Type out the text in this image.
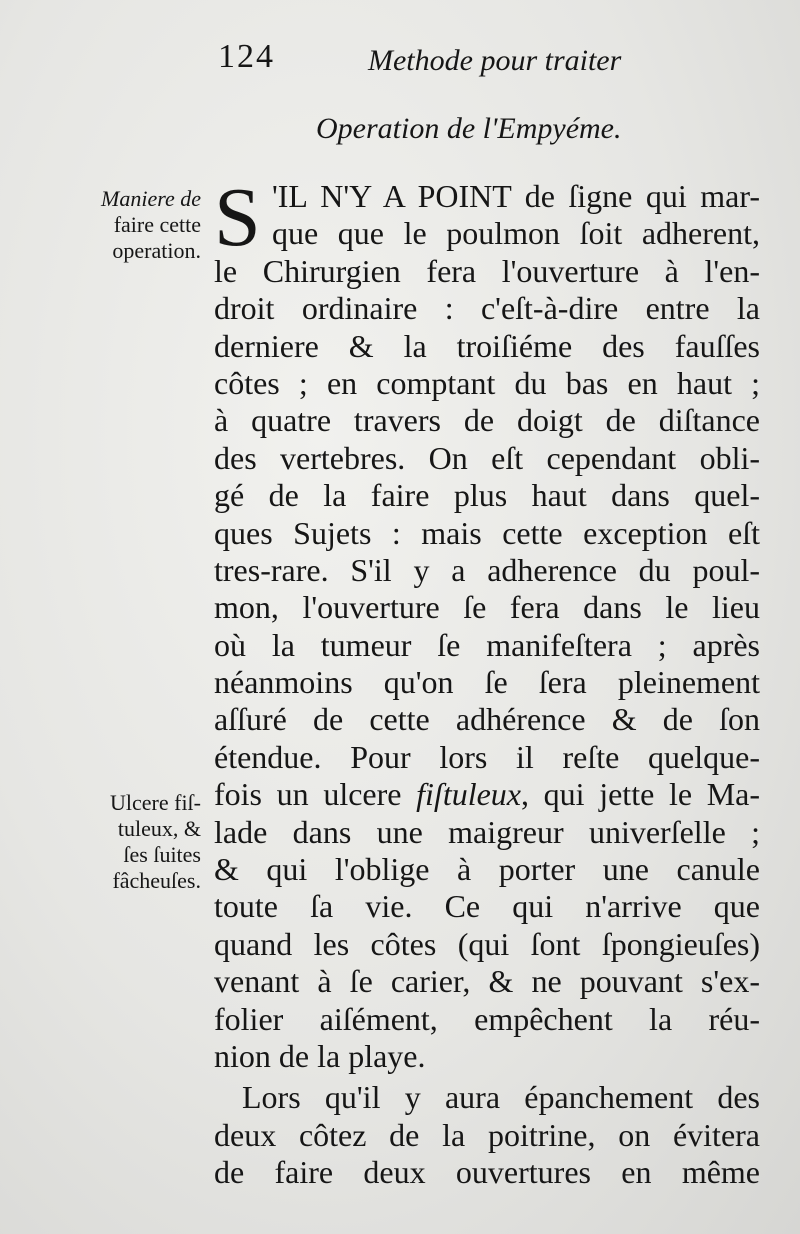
124	Methode pour traiter
Operation de l'Empyéme.
Maniere de
faire cette
operation.
Ulcere fiſ-
tuleux, &
ſes ſuites
fâcheuſes.
S 'IL N'Y A POINT de ſigne qui mar-
que que le poulmon ſoit adherent,
le Chirurgien fera l'ouverture à l'en-
droit ordinaire : c'eſt-à-dire entre la
derniere & la troiſiéme des fauſſes
côtes ; en comptant du bas en haut ;
à quatre travers de doigt de diſtance
des vertebres. On eſt cependant obli-
gé de la faire plus haut dans quel-
ques Sujets : mais cette exception eſt
tres-rare. S'il y a adherence du poul-
mon, l'ouverture ſe fera dans le lieu
où la tumeur ſe manifeſtera ; après
néanmoins qu'on ſe ſera pleinement
aſſuré de cette adhérence & de ſon
étendue. Pour lors il reſte quelque-
fois un ulcere fiſtuleux, qui jette le Ma-
lade dans une maigreur univerſelle ;
& qui l'oblige à porter une canule
toute ſa vie. Ce qui n'arrive que
quand les côtes (qui ſont ſpongieuſes)
venant à ſe carier, & ne pouvant s'ex-
folier aiſément, empêchent la réu-
nion de la playe.
Lors qu'il y aura épanchement des
deux côtez de la poitrine, on évitera
de faire deux ouvertures en même
